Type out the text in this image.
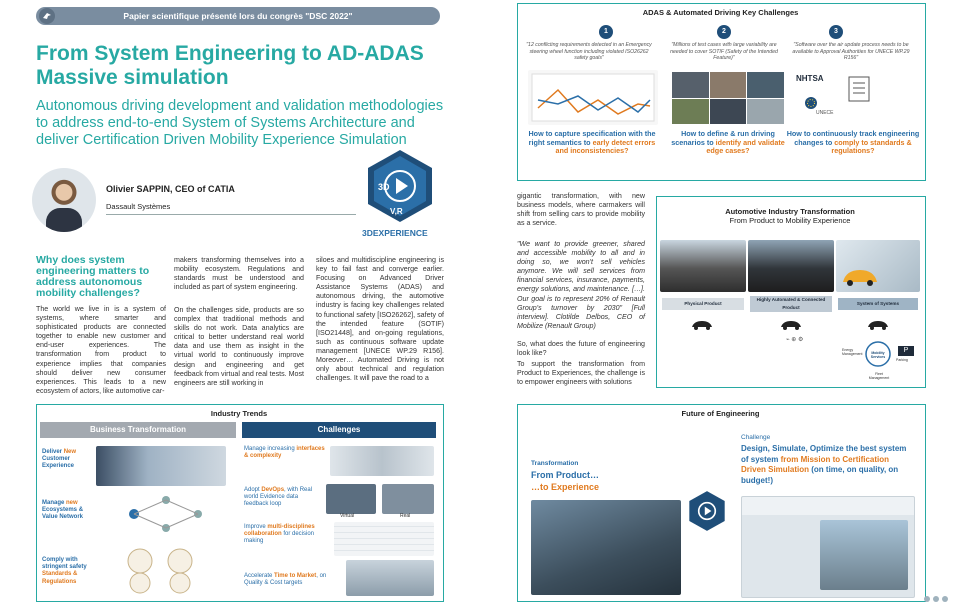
Papier scientifique présenté lors du congrès "DSC 2022"
From System Engineering to AD-ADAS Massive simulation
Autonomous driving development and validation methodologies to address end-to-end System of Systems Architecture and deliver Certification Driven Mobility Experience Simulation
Olivier SAPPIN, CEO of CATIA
Dassault Systèmes
3D
V,R
3DEXPERIENCE
Why does system engineering matters to address autonomous mobility challenges?
The world we live in is a system of systems, where smarter and sophisticated products are connected together to enable new customer and end-user experiences. The transformation from product to experience implies that companies should deliver new consumer experiences. This leads to a new ecosystem of actors, like automotive car-
makers transforming themselves into a mobility ecosystem. Regulations and standards must be understood and included as part of system engineering.
On the challenges side, products are so complex that traditional methods and skills do not work. Data analytics are critical to better understand real world data and use them as insight in the virtual world to continuously improve design and engineering and get feedback from virtual and real tests. Most engineers are still working in
siloes and multidiscipline engineering is key to fail fast and converge earlier. Focusing on Advanced Driver Assistance Systems (ADAS) and autonomous driving, the automotive industry is facing key challenges related to functional safety [ISO26262], safety of the intended feature (SOTIF) [ISO21448], and on-going regulations, such as continuous software update management [UNECE WP.29 R156]. Moreover… Automated Driving is not only about technical and regulation challenges. It will pave the road to a
gigantic transformation, with new business models, where carmakers will shift from selling cars to provide mobility as a service.
"We want to provide greener, shared and accessible mobility to all and in doing so, we won't sell vehicles anymore. We will sell services from financial services, insurance, payments, energy solutions, and maintenance. […]. Our goal is to represent 20% of Renault Group's turnover by 2030" [Full interview]. Clotilde Delbos, CEO of Mobilize (Renault Group)
So, what does the future of engineering look like?
To support the transformation from Product to Experiences, the challenge is to empower engineers with solutions
ADAS & Automated Driving Key Challenges
1
"12 conflicting requirements detected in an Emergency steering wheel function including violated ISO26262 safety goals"
How to capture specification with the right semantics to early detect errors and inconsistencies?
2
"Millions of test cases with large variability are needed to cover SOTIF (Safety of the Intended Feature)"
How to define & run driving scenarios to identify and validate edge cases?
3
"Software over the air update process needs to be available to Approval Authorities for UNECE WP.29 R156"
NHTSA
UNECE
How to continuously track engineering changes to comply to standards & regulations?
Automotive Industry Transformation
From Product to Mobility Experience
Physical Product
Highly Automated & Connected Product
System of Systems
⌁ ⊕ ⚙
Mobility Services
Energy Management	P
Parking
Fleet Management
Industry Trends
Business Transformation	Challenges
Deliver New Customer Experience
Manage new Ecosystems & Value Network
Comply with stringent safety Standards & Regulations
Manage increasing interfaces & complexity
Adopt DevOps, with Real world Evidence data feedback loop
Virtual	Real
Improve multi-disciplines collaboration for decision making
Accelerate Time to Market, on Quality & Cost targets
Future of Engineering
Transformation
From Product…
…to Experience
Challenge
Design, Simulate, Optimize the best system of system from Mission to Certification Driven Simulation (on time, on quality, on budget!)
